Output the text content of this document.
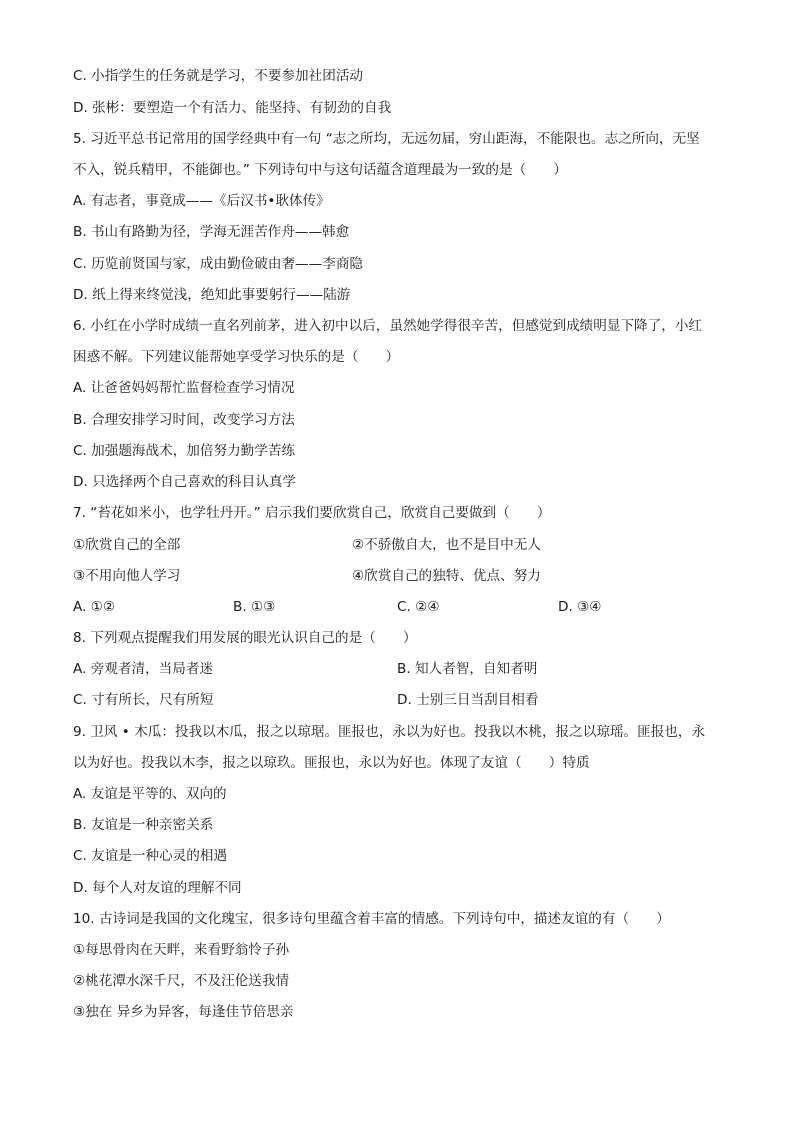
C. 小指学生的任务就是学习，不要参加社团活动
D. 张彬：要塑造一个有活力、能坚持、有韧劲的自我
5. 习近平总书记常用的国学经典中有一句 “志之所均，无远勿届，穷山距海，不能限也。志之所向，无坚
不入，锐兵精甲，不能御也。” 下列诗句中与这句话蕴含道理最为一致的是（　　）
A. 有志者，事竟成——《后汉书•耿体传》
B. 书山有路勤为径，学海无涯苦作舟——韩愈
C. 历览前贤国与家，成由勤俭破由奢——李商隐
D. 纸上得来终觉浅，绝知此事要躬行——陆游
6. 小红在小学时成绩一直名列前茅，进入初中以后，虽然她学得很辛苦，但感觉到成绩明显下降了，小红
困惑不解。下列建议能帮她享受学习快乐的是（　　）
A. 让爸爸妈妈帮忙监督检查学习情况
B. 合理安排学习时间，改变学习方法
C. 加强题海战术，加倍努力勤学苦练
D. 只选择两个自己喜欢的科目认真学
7. “苔花如米小，也学牡丹开。” 启示我们要欣赏自己，欣赏自己要做到（　　）
①欣赏自己的全部	②不骄傲自大，也不是目中无人
③不用向他人学习	④欣赏自己的独特、优点、努力
A. ①②	B. ①③	C. ②④	D. ③④
8. 下列观点提醒我们用发展的眼光认识自己的是（　　）
A. 旁观者清，当局者迷	B. 知人者智，自知者明
C. 寸有所长，尺有所短	D. 士别三日当刮目相看
9. 卫风 • 木瓜：投我以木瓜，报之以琼琚。匪报也，永以为好也。投我以木桃，报之以琼瑶。匪报也，永
以为好也。投我以木李，报之以琼玖。匪报也，永以为好也。体现了友谊（　　）特质
A. 友谊是平等的、双向的
B. 友谊是一种亲密关系
C. 友谊是一种心灵的相遇
D. 每个人对友谊的理解不同
10. 古诗词是我国的文化瑰宝，很多诗句里蕴含着丰富的情感。下列诗句中，描述友谊的有（　　）
①每思骨肉在天畔，来看野翁怜子孙
②桃花潭水深千尺，不及汪伦送我情
③独在 异乡为异客，每逢佳节倍思亲
